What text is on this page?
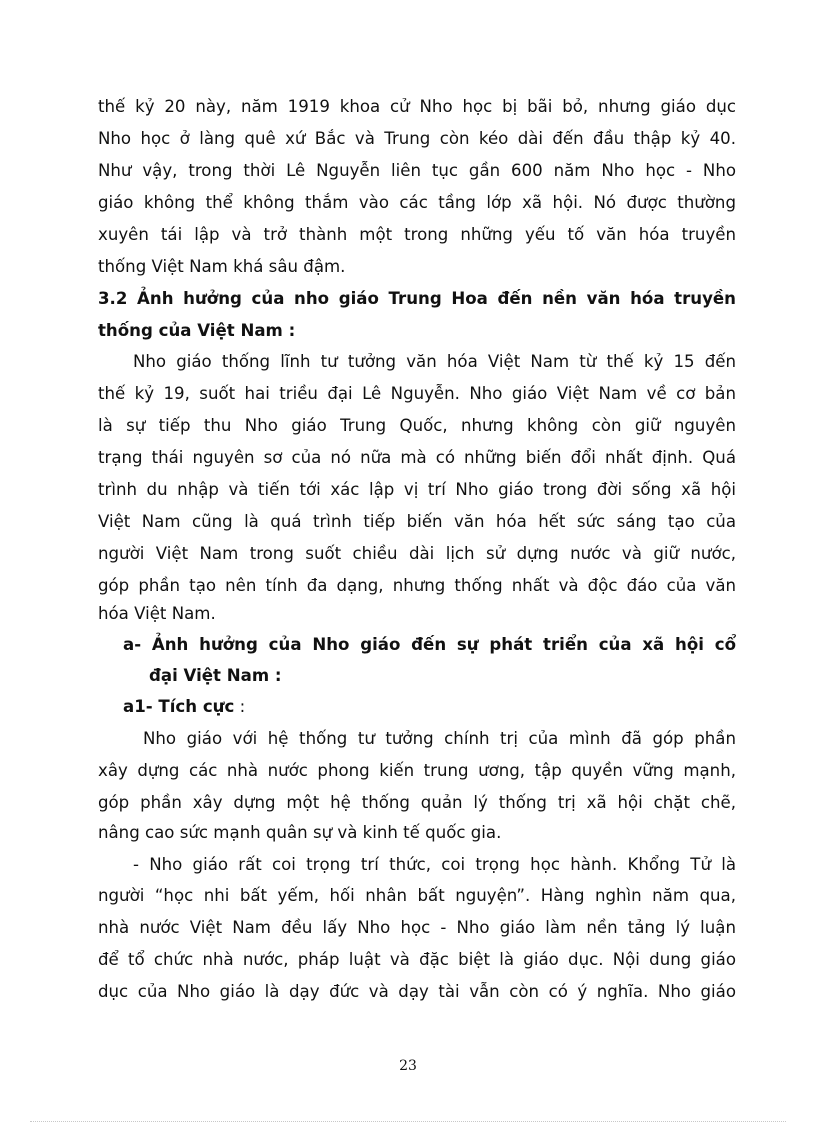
thế kỷ 20 này, năm 1919 khoa cử Nho học bị bãi bỏ, nhưng giáo dục
Nho học ở làng quê xứ Bắc và Trung còn kéo dài đến đầu thập kỷ 40.
Như vậy, trong thời Lê Nguyễn liên tục gần 600 năm Nho học - Nho
giáo không thể không thắm vào các tầng lớp xã hội. Nó được thường
xuyên tái lập và trở thành một trong những yếu tố văn hóa truyền
thống Việt Nam khá sâu đậm.
3.2 Ảnh hưởng của nho giáo Trung Hoa đến nền văn hóa truyền
thống của Việt Nam :
Nho giáo thống lĩnh tư tưởng văn hóa Việt Nam từ thế kỷ 15 đến
thế kỷ 19, suốt hai triều đại Lê Nguyễn. Nho giáo Việt Nam về cơ bản
là sự tiếp thu Nho giáo Trung Quốc, nhưng không còn giữ nguyên
trạng thái nguyên sơ của nó nữa mà có những biến đổi nhất định. Quá
trình du nhập và tiến tới xác lập vị trí Nho giáo trong đời sống xã hội
Việt Nam cũng là quá trình tiếp biến văn hóa hết sức sáng tạo của
người Việt Nam trong suốt chiều dài lịch sử dựng nước và giữ nước,
góp phần tạo nên tính đa dạng, nhưng thống nhất và độc đáo của văn
hóa Việt Nam.
a- Ảnh hưởng của Nho giáo đến sự phát triển của xã hội cổ
đại Việt Nam :
a1- Tích cực :
Nho giáo với hệ thống tư tưởng chính trị của mình đã góp phần
xây dựng các nhà nước phong kiến trung ương, tập quyền vững mạnh,
góp phần xây dựng một hệ thống quản lý thống trị xã hội chặt chẽ,
nâng cao sức mạnh quân sự và kinh tế quốc gia.
- Nho giáo rất coi trọng trí thức, coi trọng học hành. Khổng Tử là
người “học nhi bất yếm, hối nhân bất nguyện”. Hàng nghìn năm qua,
nhà nước Việt Nam đều lấy Nho học - Nho giáo làm nền tảng lý luận
để tổ chức nhà nước, pháp luật và đặc biệt là giáo dục. Nội dung giáo
dục của Nho giáo là dạy đức và dạy tài vẫn còn có ý nghĩa. Nho giáo
23
